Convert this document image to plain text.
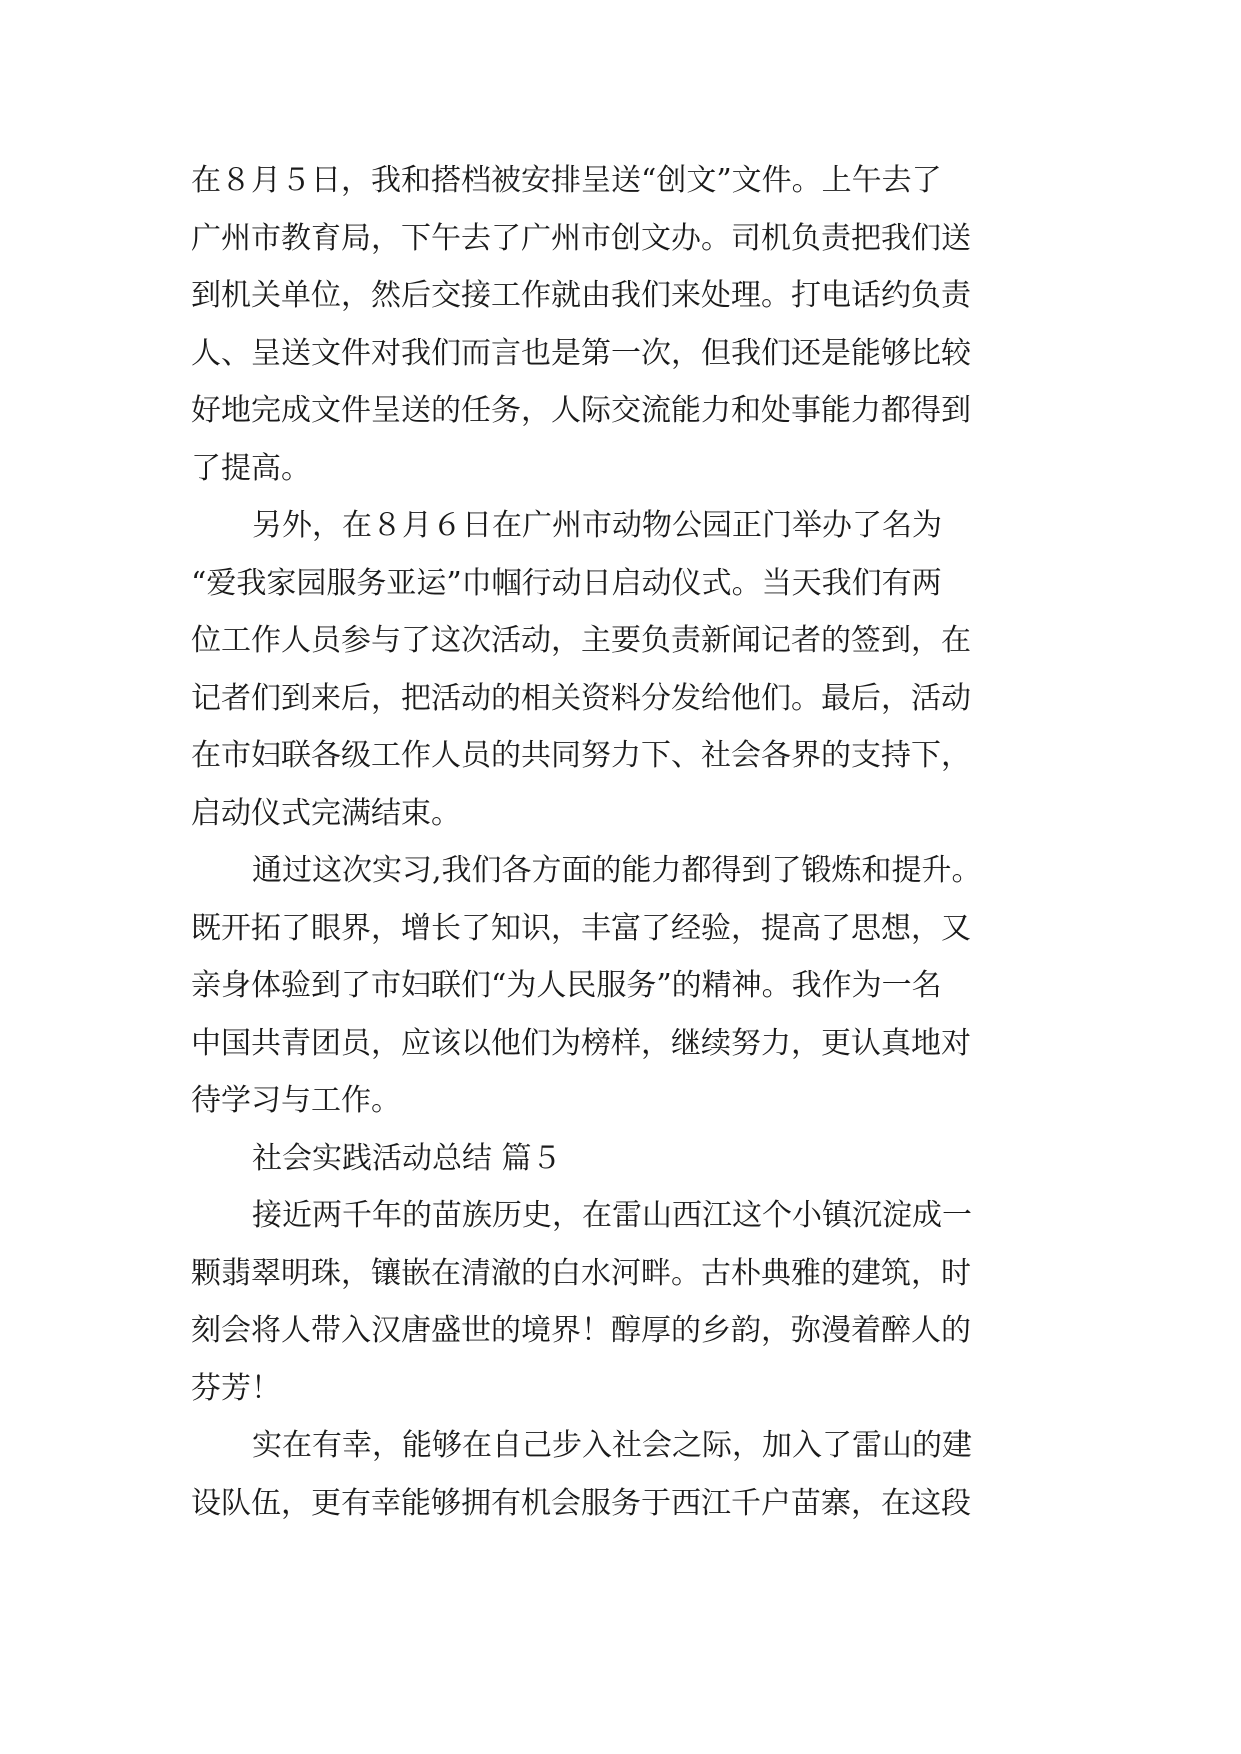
在８月５日，我和搭档被安排呈送“创文”文件。上午去了
广州市教育局，下午去了广州市创文办。司机负责把我们送
到机关单位，然后交接工作就由我们来处理。打电话约负责
人、呈送文件对我们而言也是第一次，但我们还是能够比较
好地完成文件呈送的任务，人际交流能力和处事能力都得到
了提高。
另外，在８月６日在广州市动物公园正门举办了名为
“爱我家园服务亚运”巾帼行动日启动仪式。当天我们有两
位工作人员参与了这次活动，主要负责新闻记者的签到，在
记者们到来后，把活动的相关资料分发给他们。最后，活动
在市妇联各级工作人员的共同努力下、社会各界的支持下，
启动仪式完满结束。
通过这次实习,我们各方面的能力都得到了锻炼和提升。
既开拓了眼界，增长了知识，丰富了经验，提高了思想，又
亲身体验到了市妇联们“为人民服务”的精神。我作为一名
中国共青团员，应该以他们为榜样，继续努力，更认真地对
待学习与工作。
社会实践活动总结 篇５
接近两千年的苗族历史，在雷山西江这个小镇沉淀成一
颗翡翠明珠，镶嵌在清澈的白水河畔。古朴典雅的建筑，时
刻会将人带入汉唐盛世的境界！醇厚的乡韵，弥漫着醉人的
芬芳！
实在有幸，能够在自己步入社会之际，加入了雷山的建
设队伍，更有幸能够拥有机会服务于西江千户苗寨，在这段
